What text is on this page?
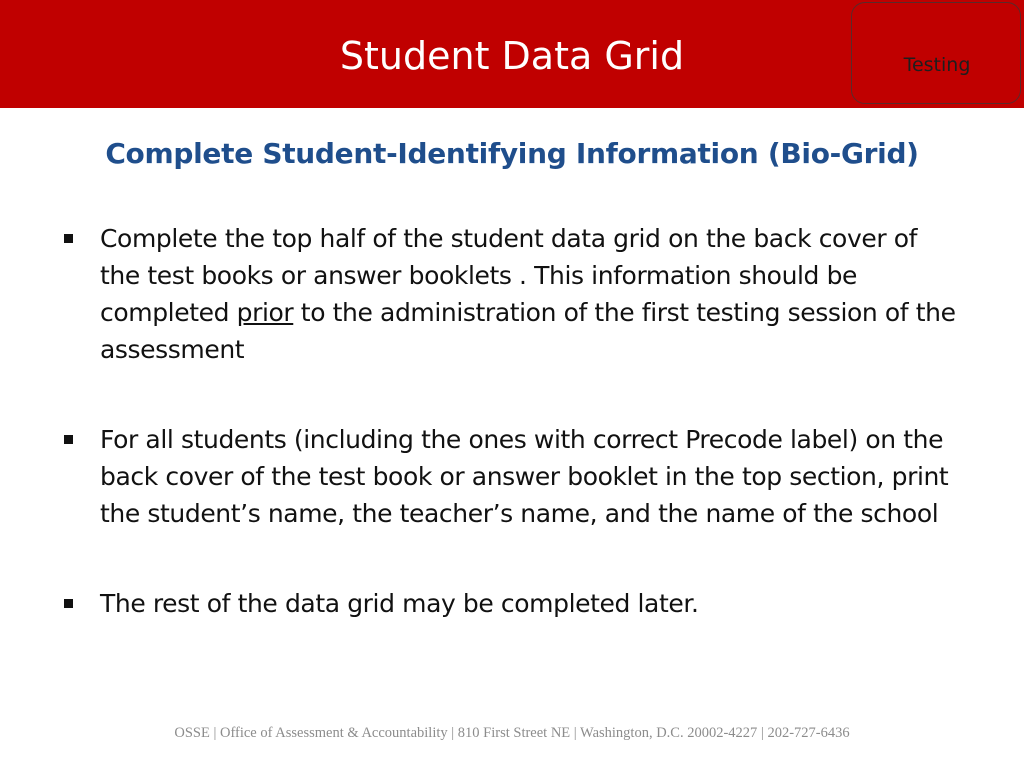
Student Data Grid	Testing
Complete Student-Identifying Information (Bio-Grid)
Complete the top half of the student data grid on the back cover of the test books or answer booklets . This information should be completed prior to the administration of the first testing session of the assessment
For all students (including the ones with correct Precode label) on the back cover of the test book or answer booklet in the top section, print the student’s name, the teacher’s name, and the name of the school
The rest of the data grid may be completed later.
OSSE | Office of Assessment & Accountability | 810 First Street NE | Washington, D.C. 20002-4227 | 202-727-6436
